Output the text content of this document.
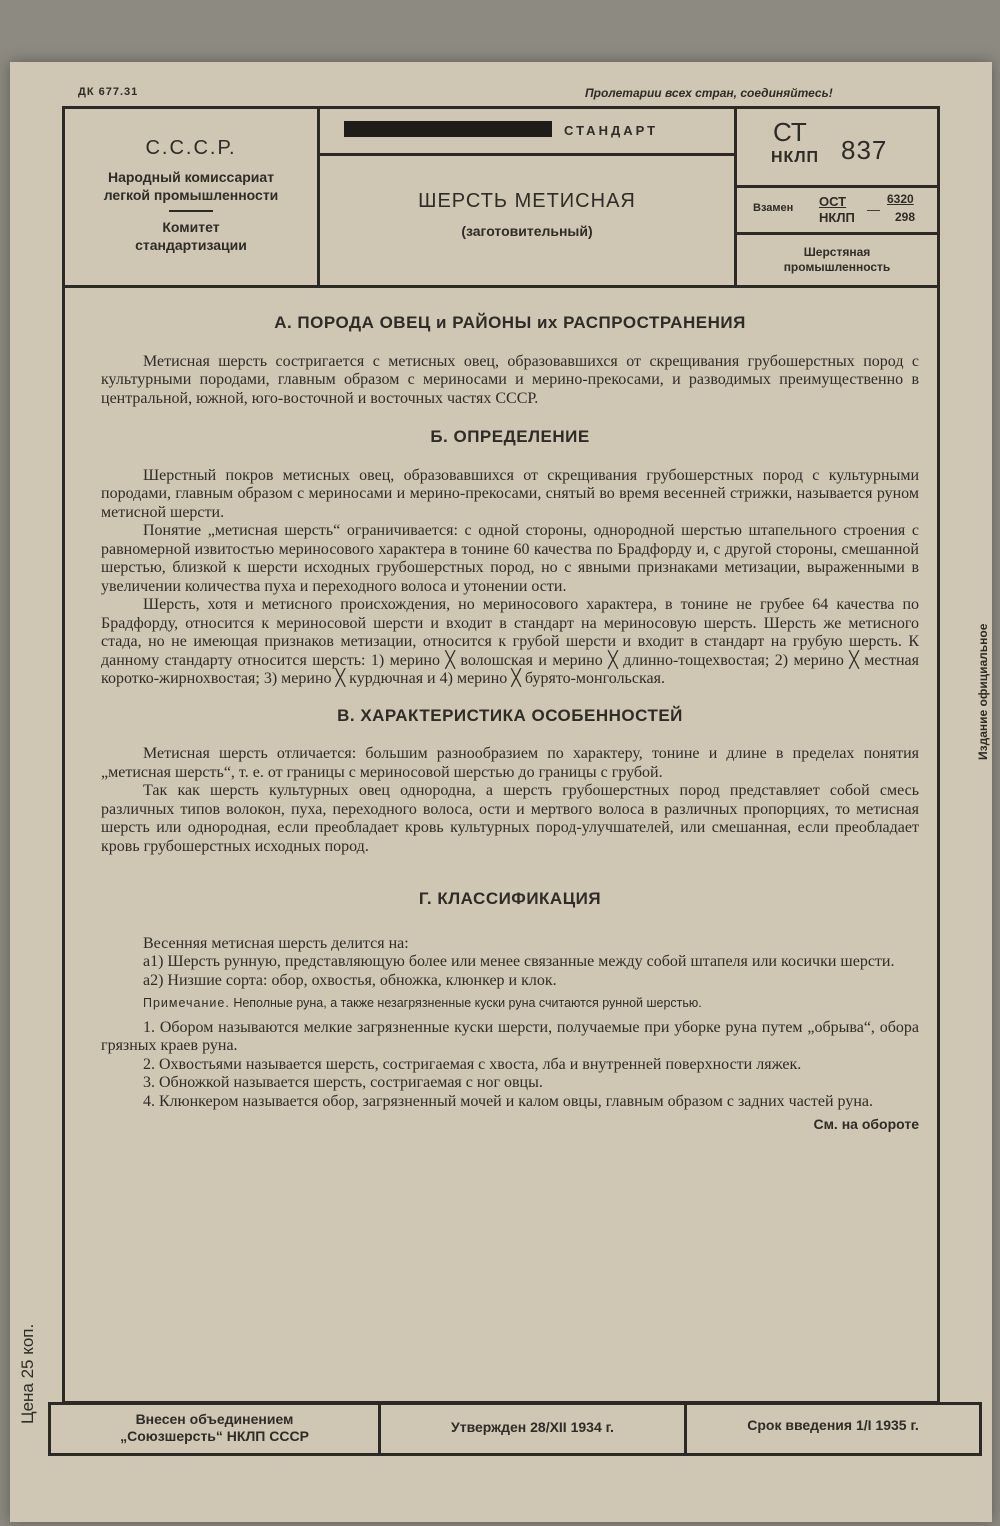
ДК 677.31	Пролетарии всех стран, соединяйтесь!
С.С.С.Р.
Народный комиссариат
легкой промышленности
Комитет
стандартизации
СТАНДАРТ
ШЕРСТЬ МЕТИСНАЯ
(заготовительный)
СТ
НКЛП 837
Взамен ОСТ
НКЛП
—
6320
298
Шерстяная
промышленность
А. ПОРОДА ОВЕЦ и РАЙОНЫ их РАСПРОСТРАНЕНИЯ

Метисная шерсть состригается с метисных овец, образовавшихся от скрещивания грубошерстных пород с культурными породами, главным образом с мериносами и мерино-прекосами, и разводимых преимущественно в центральной, южной, юго-восточной и восточных частях СССР.

Б. ОПРЕДЕЛЕНИЕ

Шерстный покров метисных овец, образовавшихся от скрещивания грубошерстных пород с культурными породами, главным образом с мериносами и мерино-прекосами, снятый во время весенней стрижки, называется руном метисной шерсти.

Понятие „метисная шерсть“ ограничивается: с одной стороны, однородной шерстью штапельного строения с равномерной извитостью мериносового характера в тонине 60 качества по Брадфорду и, с другой стороны, смешанной шерстью, близкой к шерсти исходных грубошерстных пород, но с явными признаками метизации, выраженными в увеличении количества пуха и переходного волоса и утонении ости.

Шерсть, хотя и метисного происхождения, но мериносового характера, в тонине не грубее 64 качества по Брадфорду, относится к мериносовой шерсти и входит в стандарт на мериносовую шерсть. Шерсть же метисного стада, но не имеющая признаков метизации, относится к грубой шерсти и входит в стандарт на грубую шерсть. К данному стандарту относится шерсть: 1) мерино ╳ волошская и мерино ╳ длинно-тощехвостая; 2) мерино ╳ местная коротко-жирнохвостая; 3) мерино ╳ курдючная и 4) мерино ╳ бурято-монгольская.

В. ХАРАКТЕРИСТИКА ОСОБЕННОСТЕЙ

Метисная шерсть отличается: большим разнообразием по характеру, тонине и длине в пределах понятия „метисная шерсть“, т. е. от границы с мериносовой шерстью до границы с грубой.

Так как шерсть культурных овец однородна, а шерсть грубошерстных пород представляет собой смесь различных типов волокон, пуха, переходного волоса, ости и мертвого волоса в различных пропорциях, то метисная шерсть или однородная, если преобладает кровь культурных пород-улучшателей, или смешанная, если преобладает кровь грубошерстных исходных пород.

Г. КЛАССИФИКАЦИЯ

Весенняя метисная шерсть делится на:

а1) Шерсть рунную, представляющую более или менее связанные между собой штапеля или косички шерсти.

а2) Низшие сорта: обор, охвостья, обножка, клюнкер и клок.

Примечание. Неполные руна, а также незагрязненные куски руна считаются рунной шерстью.

1. Обором называются мелкие загрязненные куски шерсти, получаемые при уборке руна путем „обрыва“, обора грязных краев руна.

2. Охвостьями называется шерсть, состригаемая с хвоста, лба и внутренней поверхности ляжек.

3. Обножкой называется шерсть, состригаемая с ног овцы.

4. Клюнкером называется обор, загрязненный мочей и калом овцы, главным образом с задних частей руна.

См. на обороте
Внесен объединением
„Союзшерсть“ НКЛП СССР
Утвержден 28/XII 1934 г.	Срок введения 1/I 1935 г.
Издание официальное
Цена 25 коп.
